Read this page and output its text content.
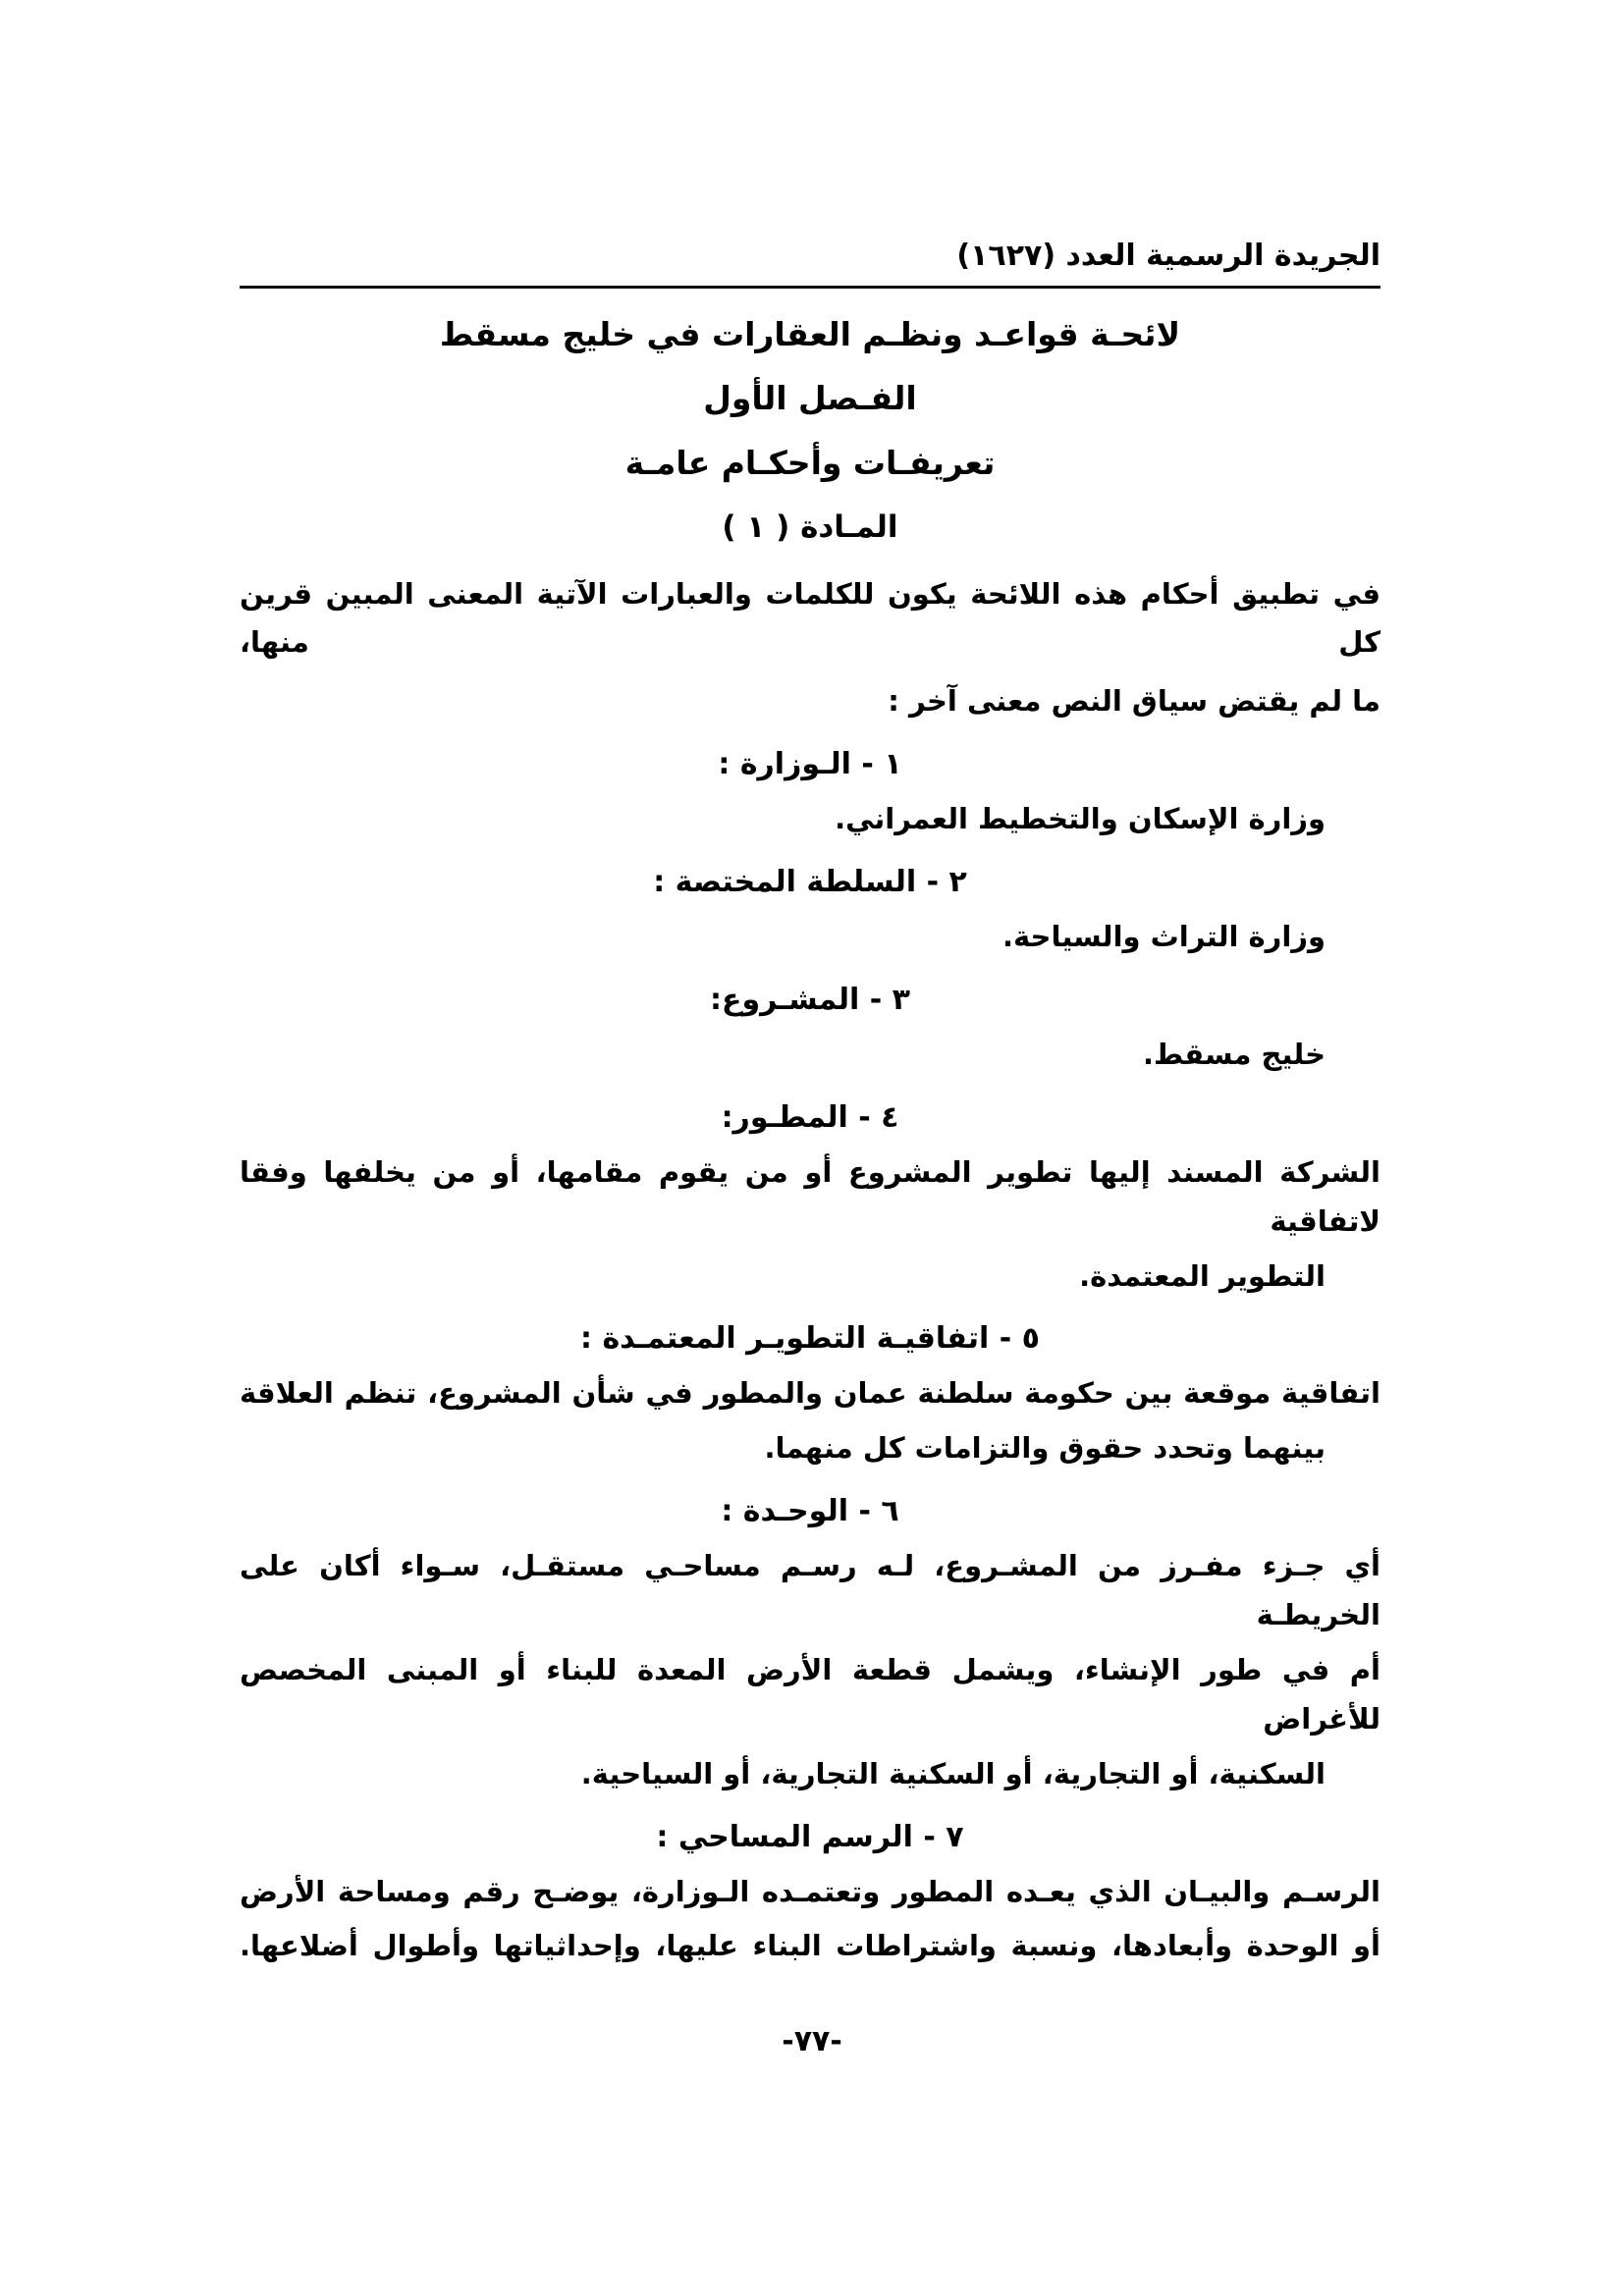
الجريدة الرسمية العدد (١٦٢٧)
لائحـة قواعـد ونظـم العقارات في خليج مسقط
الفـصل الأول
تعريفـات وأحكـام عامـة
المـادة ( ١ )

في تطبيق أحكام هذه اللائحة يكون للكلمات والعبارات الآتية المعنى المبين قرين كل منها،

ما لم يقتض سياق النص معنى آخر :

١ - الـوزارة :
وزارة الإسكان والتخطيط العمراني.
٢ - السلطة المختصة :
وزارة التراث والسياحة.
٣ - المشـروع:
خليج مسقط.
٤ - المطـور:
الشركة المسند إليها تطوير المشروع أو من يقوم مقامها، أو من يخلفها وفقا لاتفاقية
التطوير المعتمدة.
٥ - اتفاقيـة التطويـر المعتمـدة :
اتفاقية موقعة بين حكومة سلطنة عمان والمطور في شأن المشروع، تنظم العلاقة
بينهما وتحدد حقوق والتزامات كل منهما.
٦ - الوحـدة :
أي جـزء مفـرز من المشـروع، لـه رسـم مساحـي مستقـل، سـواء أكان على الخريطـة
أم في طور الإنشاء، ويشمل قطعة الأرض المعدة للبناء أو المبنى المخصص للأغراض
السكنية، أو التجارية، أو السكنية التجارية، أو السياحية.
٧ - الرسم المساحي :
الرسـم والبيـان الذي يعـده المطور وتعتمـده الـوزارة، يوضـح رقم ومساحة الأرض
أو الوحدة وأبعادها، ونسبة واشتراطات البناء عليها، وإحداثياتها وأطوال أضلاعها.
-٧٧-
